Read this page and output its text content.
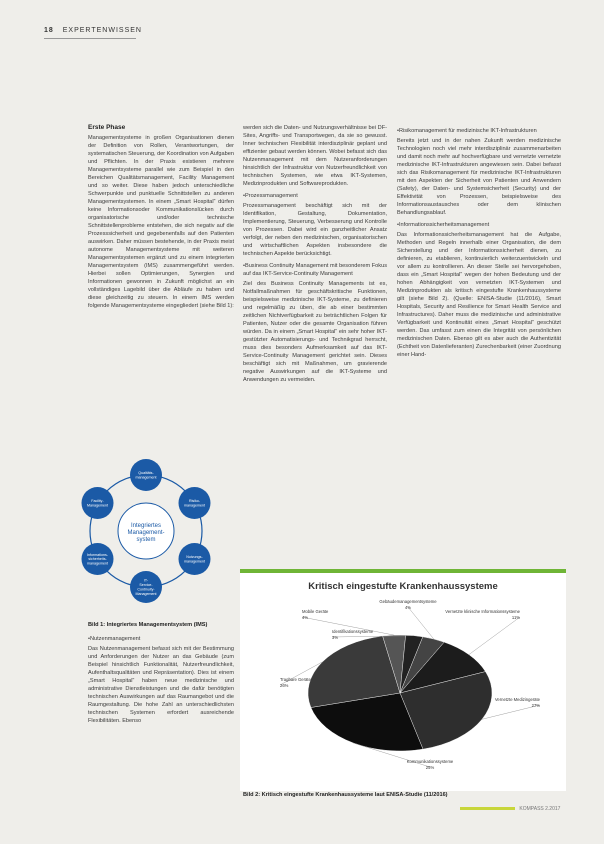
18 EXPERTENWISSEN
Erste Phase

Managementsysteme in großen Organisationen dienen der Definition von Rollen, Verantwortungen, der systematischen Steuerung, der Koordination von Aufgaben und Pflichten. In der Praxis existieren mehrere Managementsysteme parallel wie zum Beispiel in den Bereichen Qualitätsmanagement, Facility Management und so weiter. Diese haben jedoch unterschiedliche Schwerpunkte und punktuelle Schnittstellen zu anderen Managementsystemen. In einem „Smart Hospital“ dürfen keine Informationsoder Kommunikationslücken durch organisatorische und/oder technische Schnittstellenprobleme entstehen, die sich negativ auf die Prozesssicherheit und gegebenenfalls auf den Patienten auswirken. Daher müssen bestehende, in der Praxis meist autonome Managementsysteme mit weiteren Managementsystemen ergänzt und zu einem integrierten Managementsystem (IMS) zusammengeführt werden. Hierbei sollen Optimierungen, Synergien und Informationen gewonnen in Zukunft möglichst an ein vollständiges Lagebild über die Abläufe zu haben und diese gleichzeitig zu steuern. In einem IMS werden folgende Managementsysteme eingegliedert (siehe Bild 1):

Integriertes Management-system
Qualitäts-management
Risiko-management
Nutzungs-management
IT-Service-Continuity-Management
Informations-sicherheits-management
Facility-Management
Bild 1: Integriertes Managementsystem (IMS)
• Nutzenmanagement

Das Nutzenmanagement befasst sich mit der Bestimmung und Anforderungen der Nutzer an das Gebäude (zum Beispiel hinsichtlich Funktionalität, Nutzerfreundlichkeit, Aufenthaltsqualitäten und Repräsentation). Dies ist einem „Smart Hospital“ haben neue medizinische und administrative Dienstleistungen und die dafür benötigten technischen Auswirkungen auf das Raumangebot und die Raumgestaltung. Die hohe Zahl an unterschiedlichsten technischen Systemen erfordert ausreichende Flexibilitäten. Ebenso

werden sich die Daten- und Nutzungsverhältnisse bei DF-Sites, Angriffs- und Transportwegen, da sie so gewusst. Inner technischen Flexibilität interdisziplinär geplant und effizienter gebaut werden können. Wobei befasst sich das Nutzenmanagement mit dem Nutzeranforderungen hinsichtlich der Infrastruktur von Nutzerfreundlichkeit von technischen Systemen, wie etwa IKT-Systemen, Medizinprodukten und Softwareprodukten.

• Prozessmanagement

Prozessmanagement beschäftigt sich mit der Identifikation, Gestaltung, Dokumentation, Implementierung, Steuerung, Verbesserung und Kontrolle von Prozessen. Dabei wird ein ganzheitlicher Ansatz verfolgt, der neben den medizinischen, organisatorischen und wirtschaftlichen Aspekten insbesondere die technischen Aspekte berücksichtigt.

• Business Continuity Management mit besonderem Fokus auf das IKT-Service-Continuity Management

Ziel des Business Continuity Managements ist es, Notfallmaßnahmen für geschäftskritische Funktionen, beispielsweise medizinische IKT-Systeme, zu definieren und regelmäßig zu üben, die ab einer bestimmten zeitlichen Nichtverfügbarkeit zu beträchtlichen Folgen für Patienten, Nutzer oder die gesamte Organisation führen würden. Da in einem „Smart Hospital“ ein sehr hoher IKT-gestützter Automatisierungs- und Technikgrad herrscht, muss dies besonders Aufmerksamkeit auf das IKT-Service-Continuity Management gerichtet sein. Dieses beschäftigt sich mit Maßnahmen, um gravierende negative Auswirkungen auf die IKT-Systeme und Anwendungen zu vermeiden.

• Risikomanagement für medizinische IKT-Infrastrukturen

Bereits jetzt und in der nahen Zukunft werden medizinische Technologien noch viel mehr interdisziplinär zusammenarbeiten und damit noch mehr auf hochverfügbare und vernetzte vernetzte medizinische IKT-Infrastrukturen angewiesen sein. Dabei befasst sich das Risikomanagement für medizinische IKT-Infrastrukturen mit den Aspekten der Sicherheit von Patienten und Anwendern (Safety), der Daten- und Systemsicherheit (Security) und der Effektivität von Prozessen, beispielsweise des Informationsaustausches oder dem klinischen Behandlungsablauf.

• Informationssicherheitsmanagement

Das Informationssicherheitsmanagement hat die Aufgabe, Methoden und Regeln innerhalb einer Organisation, die dem Sicherstellung und der Informationssicherheit dienen, zu definieren, zu etablieren, kontinuierlich weiterzuentwickeln und vor allem zu kontrollieren. An dieser Stelle sei hervorgehoben, dass ein „Smart Hospital“ wegen der hohen Bedeutung und der hohen Abhängigkeit von vernetzten IKT-Systemen und Medizinprodukten als kritisch eingestufte Krankenhaussysteme gilt (siehe Bild 2). (Quelle: ENISA-Studie (11/2016), Smart Hospitals, Security and Resilience for Smart Health Service and Infrastructures). Daher muss die medizinische und administrative Verfügbarkeit und Kontinuität eines „Smart Hospital“ geschützt werden. Das umfasst zum einen die Integrität von persönlichen medizinischen Daten. Ebenso gilt es aber auch die Authentizität (Echtheit von Datenlieferanten) Zurechenbarkeit (einer Zuordnung einer Hand-

Kritisch eingestufte Krankenhaussysteme
Gebäudemanagementsysteme
4%
Vernetzte klinische Informationssysteme
11%
Vernetzte Medizingeräte
27%
Kommunikationssysteme
25%
Tragbare Geräte
26%
Mobile Geräte
4%
Identifikationssysteme
3%
Bild 2: Kritisch eingestufte Krankenhaussysteme laut ENISA-Studie (11/2016)
KOMPASS 2.2017
